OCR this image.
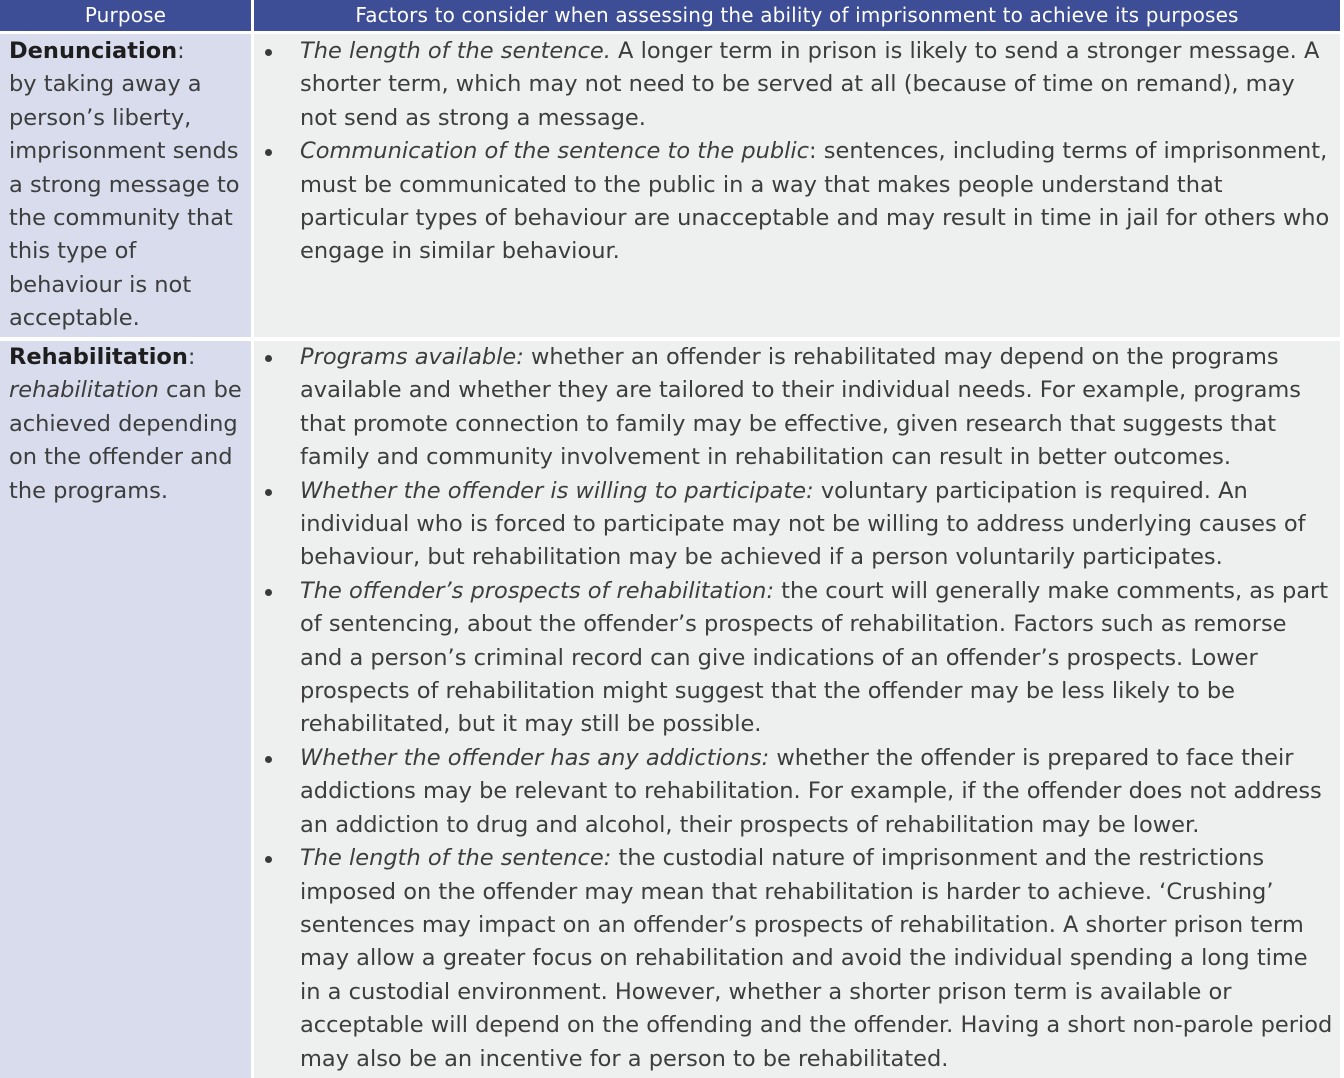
Purpose	Factors to consider when assessing the ability of imprisonment to achieve its purposes
Denunciation:
by taking away a person’s liberty, imprisonment sends a strong message to the community that this type of behaviour is not acceptable.
The length of the sentence. A longer term in prison is likely to send a stronger message. A shorter term, which may not need to be served at all (because of time on remand), may not send as strong a message.
Communication of the sentence to the public: sentences, including terms of imprisonment, must be communicated to the public in a way that makes people understand that particular types of behaviour are unacceptable and may result in time in jail for others who engage in similar behaviour.
Rehabilitation:
rehabilitation can be achieved depending on the offender and the programs.
Programs available: whether an offender is rehabilitated may depend on the programs available and whether they are tailored to their individual needs. For example, programs that promote connection to family may be effective, given research that suggests that family and community involvement in rehabilitation can result in better outcomes.
Whether the offender is willing to participate: voluntary participation is required. An individual who is forced to participate may not be willing to address underlying causes of behaviour, but rehabilitation may be achieved if a person voluntarily participates.
The offender’s prospects of rehabilitation: the court will generally make comments, as part of sentencing, about the offender’s prospects of rehabilitation. Factors such as remorse and a person’s criminal record can give indications of an offender’s prospects. Lower prospects of rehabilitation might suggest that the offender may be less likely to be rehabilitated, but it may still be possible.
Whether the offender has any addictions: whether the offender is prepared to face their addictions may be relevant to rehabilitation. For example, if the offender does not address an addiction to drug and alcohol, their prospects of rehabilitation may be lower.
The length of the sentence: the custodial nature of imprisonment and the restrictions imposed on the offender may mean that rehabilitation is harder to achieve. ‘Crushing’ sentences may impact on an offender’s prospects of rehabilitation. A shorter prison term may allow a greater focus on rehabilitation and avoid the individual spending a long time in a custodial environment. However, whether a shorter prison term is available or acceptable will depend on the offending and the offender. Having a short non-parole period may also be an incentive for a person to be rehabilitated.
